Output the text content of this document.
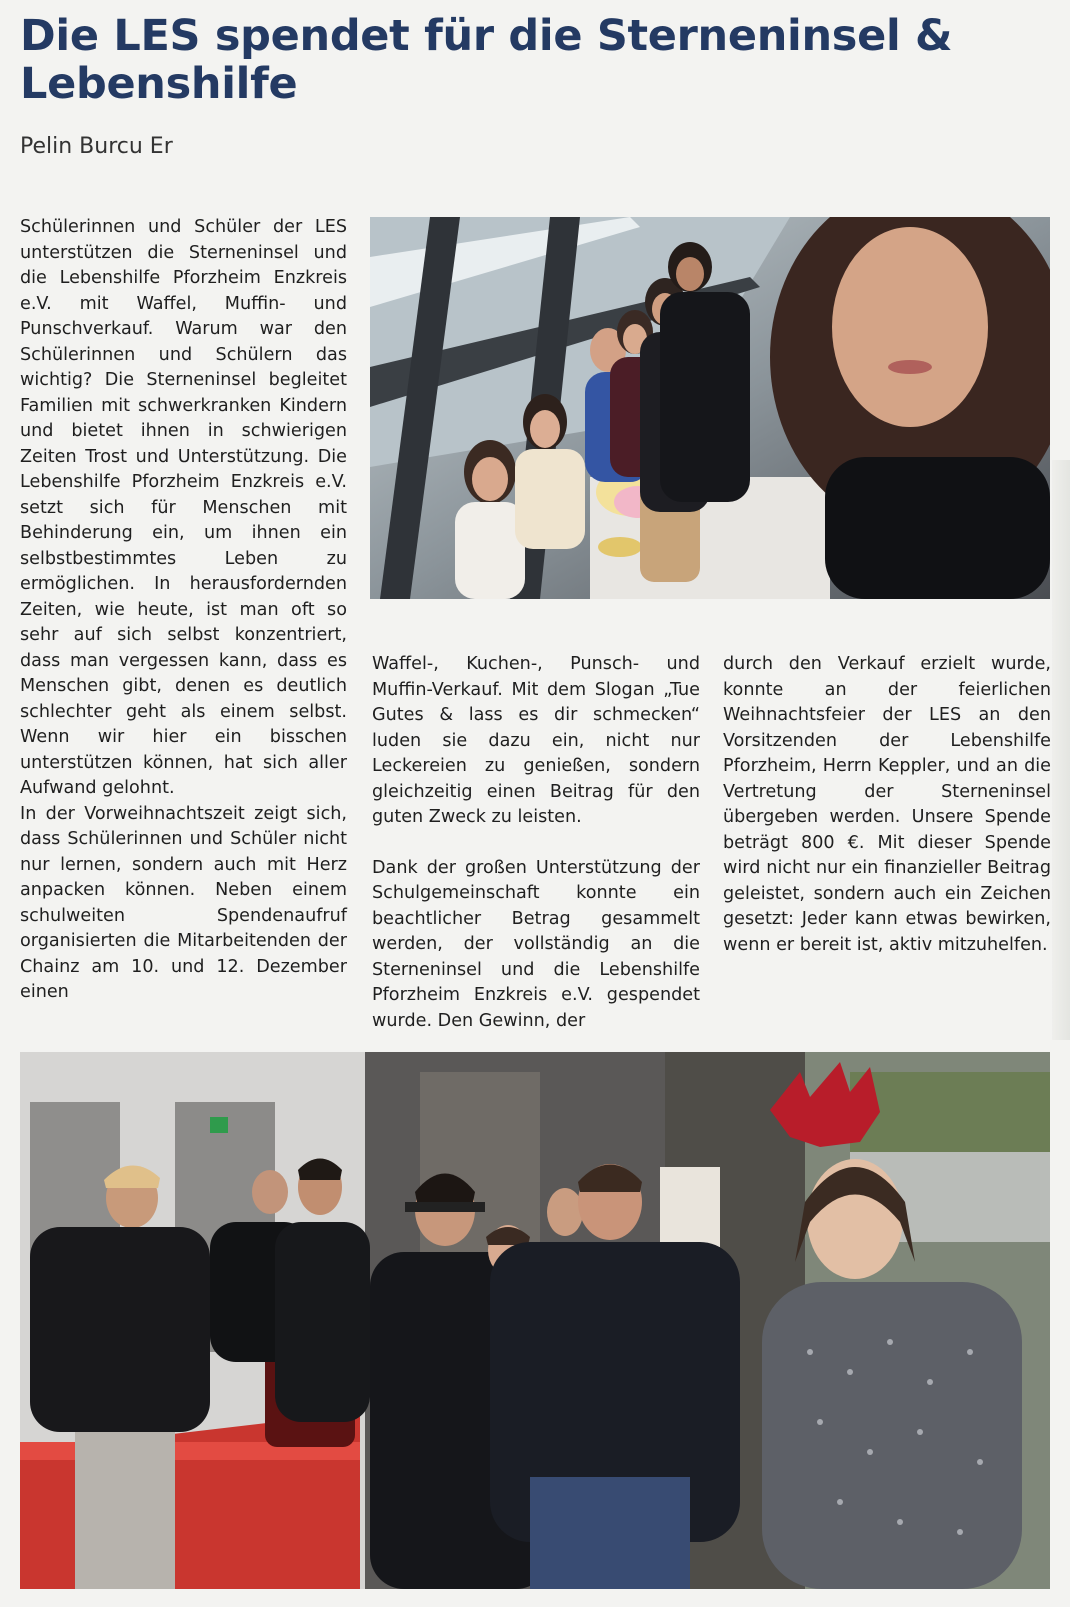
Die LES spendet für die Sterneninsel & Lebenshilfe

Pelin Burcu Er

Schülerinnen und Schüler der LES unterstützen die Sterneninsel und die Lebenshilfe Pforzheim Enzkreis e.V. mit Waffel, Muffin- und Punschverkauf. Warum war den Schülerinnen und Schülern das wichtig? Die Sterneninsel begleitet Familien mit schwerkranken Kindern und bietet ihnen in schwierigen Zeiten Trost und Unterstützung. Die Lebenshilfe Pforzheim Enzkreis e.V. setzt sich für Menschen mit Behinderung ein, um ihnen ein selbstbestimmtes Leben zu ermöglichen. In herausfordernden Zeiten, wie heute, ist man oft so sehr auf sich selbst konzentriert, dass man vergessen kann, dass es Menschen gibt, denen es deutlich schlechter geht als einem selbst. Wenn wir hier ein bisschen unterstützen können, hat sich aller Aufwand gelohnt.

In der Vorweihnachtszeit zeigt sich, dass Schülerinnen und Schüler nicht nur lernen, sondern auch mit Herz anpacken können. Neben einem schulweiten Spendenaufruf organisierten die Mitarbeitenden der Chainz am 10. und 12. Dezember einen

Waffel-, Kuchen-, Punsch- und Muffin-Verkauf. Mit dem Slogan „Tue Gutes & lass es dir schmecken“ luden sie dazu ein, nicht nur Leckereien zu genießen, sondern gleichzeitig einen Beitrag für den guten Zweck zu leisten.

Dank der großen Unterstützung der Schulgemeinschaft konnte ein beachtlicher Betrag gesammelt werden, der vollständig an die Sterneninsel und die Lebenshilfe Pforzheim Enzkreis e.V. gespendet wurde. Den Gewinn, der

durch den Verkauf erzielt wurde, konnte an der feierlichen Weihnachtsfeier der LES an den Vorsitzenden der Lebenshilfe Pforzheim, Herrn Keppler, und an die Vertretung der Sterneninsel übergeben werden. Unsere Spende beträgt 800 €. Mit dieser Spende wird nicht nur ein finanzieller Beitrag geleistet, sondern auch ein Zeichen gesetzt: Jeder kann etwas bewirken, wenn er bereit ist, aktiv mitzuhelfen.
